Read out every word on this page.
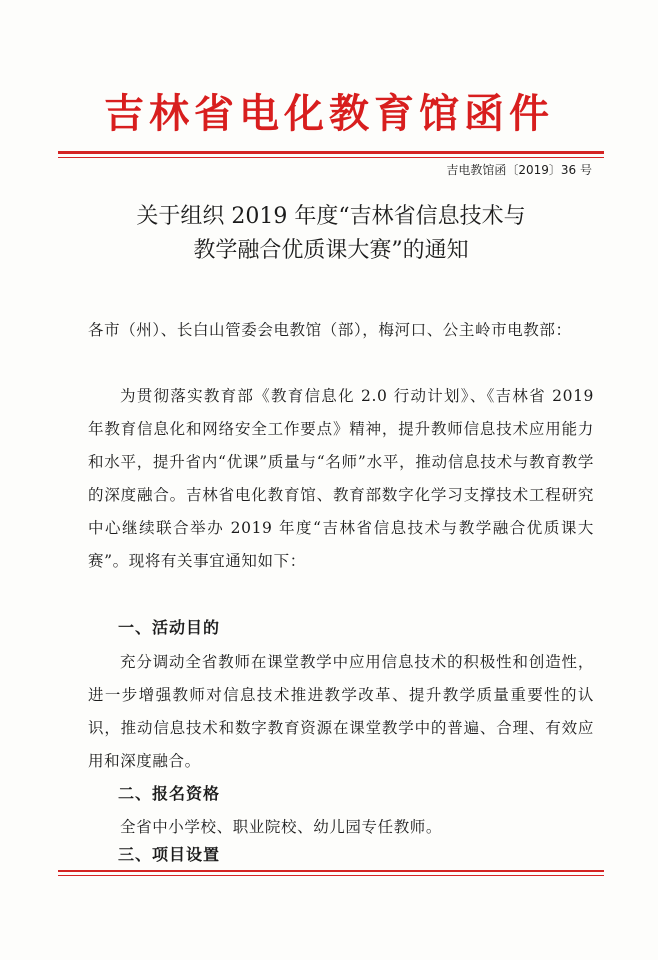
吉林省电化教育馆函件
吉电教馆函〔2019〕36 号
关于组织 2019 年度“吉林省信息技术与
教学融合优质课大赛”的通知
各市（州）、长白山管委会电教馆（部），梅河口、公主岭市电教部：
为贯彻落实教育部《教育信息化 2.0 行动计划》、《吉林省 2019 年教育信息化和网络安全工作要点》精神，提升教师信息技术应用能力和水平，提升省内“优课”质量与“名师”水平，推动信息技术与教育教学的深度融合。吉林省电化教育馆、教育部数字化学习支撑技术工程研究中心继续联合举办 2019 年度“吉林省信息技术与教学融合优质课大赛”。现将有关事宜通知如下：
一、活动目的
充分调动全省教师在课堂教学中应用信息技术的积极性和创造性，进一步增强教师对信息技术推进教学改革、提升教学质量重要性的认识，推动信息技术和数字教育资源在课堂教学中的普遍、合理、有效应用和深度融合。
二、报名资格
全省中小学校、职业院校、幼儿园专任教师。
三、项目设置
